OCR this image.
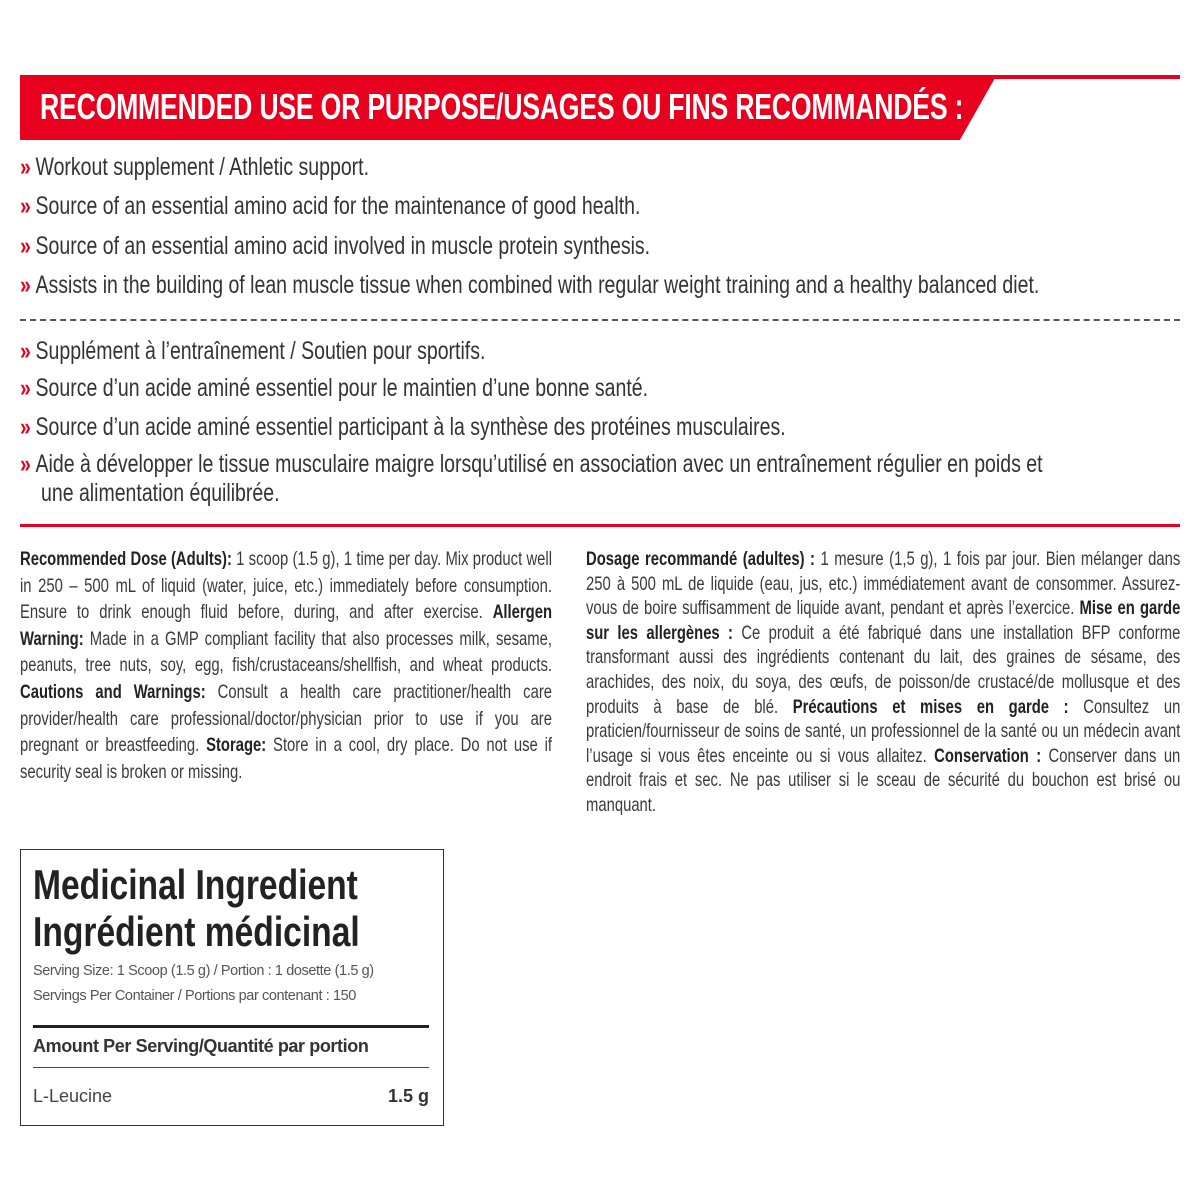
RECOMMENDED USE OR PURPOSE/USAGES OU FINS RECOMMANDÉS :
» Workout supplement / Athletic support.
» Source of an essential amino acid for the maintenance of good health.
» Source of an essential amino acid involved in muscle protein synthesis.
» Assists in the building of lean muscle tissue when combined with regular weight training and a healthy balanced diet.
» Supplément à l’entraînement / Soutien pour sportifs.
» Source d’un acide aminé essentiel pour le maintien d’une bonne santé.
» Source d’un acide aminé essentiel participant à la synthèse des protéines musculaires.
» Aide à développer le tissue musculaire maigre lorsqu’utilisé en association avec un entraînement régulier en poids et
une alimentation équilibrée.
Recommended Dose (Adults): 1 scoop (1.5 g), 1 time per day. Mix product well in 250 – 500 mL of liquid (water, juice, etc.) immediately before consumption. Ensure to drink enough fluid before, during, and after exercise. Allergen Warning: Made in a GMP compliant facility that also processes milk, sesame, peanuts, tree nuts, soy, egg, fish/crustaceans/shellfish, and wheat products. Cautions and Warnings: Consult a health care practitioner/health care provider/health care professional/doctor/physician prior to use if you are pregnant or breastfeeding. Storage: Store in a cool, dry place. Do not use if security seal is broken or missing.
Dosage recommandé (adultes) : 1 mesure (1,5 g), 1 fois par jour. Bien mélanger dans 250 à 500 mL de liquide (eau, jus, etc.) immédiatement avant de consommer. Assurez-vous de boire suffisamment de liquide avant, pendant et après l’exercice. Mise en garde sur les allergènes : Ce produit a été fabriqué dans une installation BFP conforme transformant aussi des ingrédients contenant du lait, des graines de sésame, des arachides, des noix, du soya, des œufs, de poisson/de crustacé/de mollusque et des produits à base de blé. Précautions et mises en garde : Consultez un praticien/fournisseur de soins de santé, un professionnel de la santé ou un médecin avant l’usage si vous êtes enceinte ou si vous allaitez. Conservation : Conserver dans un endroit frais et sec. Ne pas utiliser si le sceau de sécurité du bouchon est brisé ou manquant.
Medicinal Ingredient
Ingrédient médicinal
Serving Size: 1 Scoop (1.5 g) / Portion : 1 dosette (1.5 g)
Servings Per Container / Portions par contenant : 150
Amount Per Serving/Quantité par portion
L-Leucine	1.5 g
